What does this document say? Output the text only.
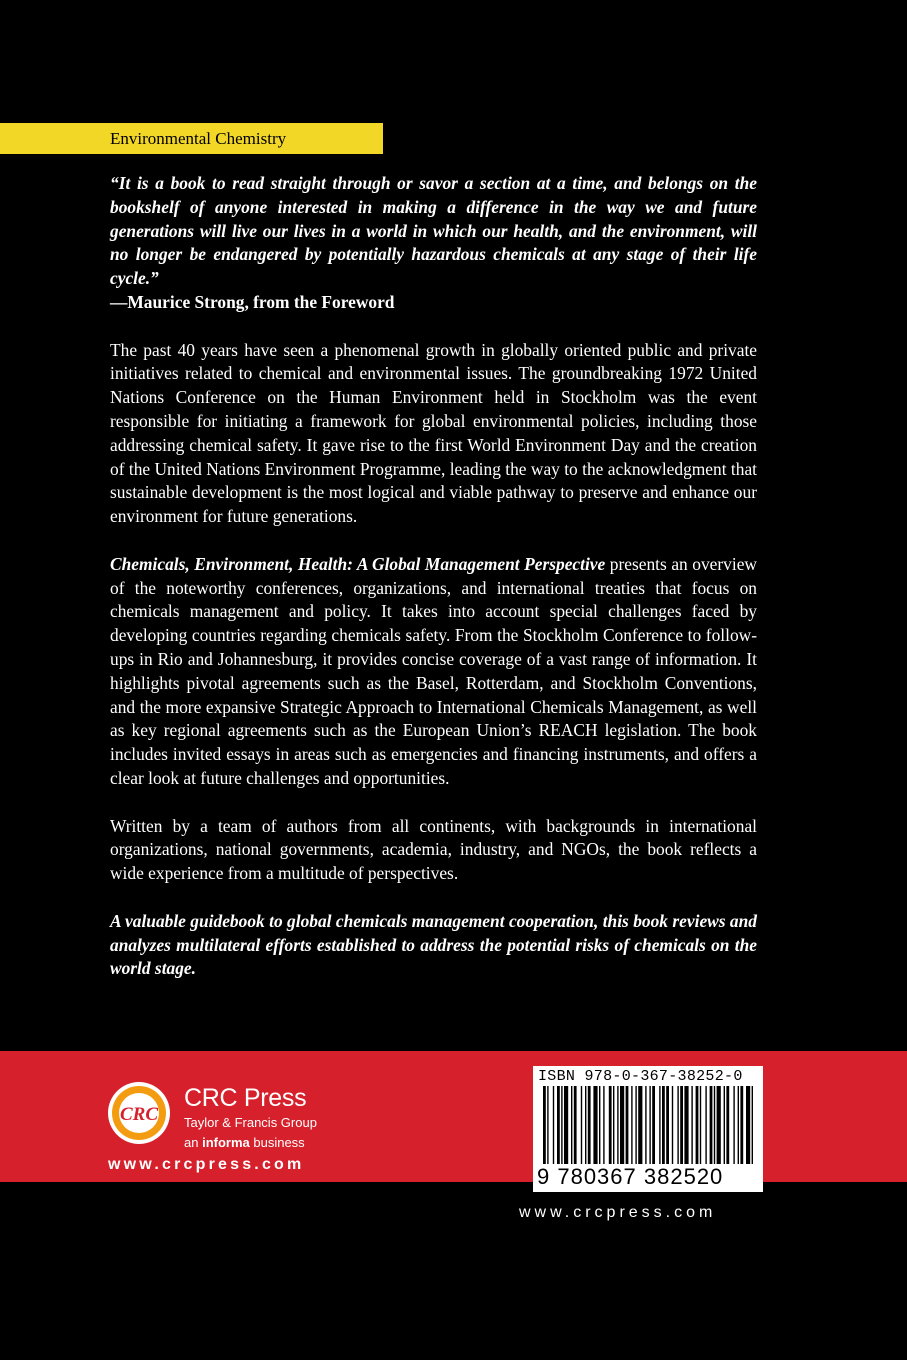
Environmental Chemistry

“It is a book to read straight through or savor a section at a time, and belongs on the bookshelf of anyone interested in making a difference in the way we and future generations will live our lives in a world in which our health, and the environment, will no longer be endangered by potentially hazardous chemicals at any stage of their life cycle.”

—Maurice Strong, from the Foreword

The past 40 years have seen a phenomenal growth in globally oriented public and private initiatives related to chemical and environmental issues. The groundbreaking 1972 United Nations Conference on the Human Environment held in Stockholm was the event responsible for initiating a framework for global environmental policies, including those addressing chemical safety. It gave rise to the first World Environment Day and the creation of the United Nations Environment Programme, leading the way to the acknowledgment that sustainable development is the most logical and viable pathway to preserve and enhance our environment for future generations.

Chemicals, Environment, Health: A Global Management Perspective presents an overview of the noteworthy conferences, organizations, and international treaties that focus on chemicals management and policy. It takes into account special challenges faced by developing countries regarding chemicals safety. From the Stockholm Conference to follow-ups in Rio and Johannesburg, it provides concise coverage of a vast range of information. It highlights pivotal agreements such as the Basel, Rotterdam, and Stockholm Conventions, and the more expansive Strategic Approach to International Chemicals Management, as well as key regional agreements such as the European Union’s REACH legislation. The book includes invited essays in areas such as emergencies and financing instruments, and offers a clear look at future challenges and opportunities.

Written by a team of authors from all continents, with backgrounds in international organizations, national governments, academia, industry, and NGOs, the book reflects a wide experience from a multitude of perspectives.

A valuable guidebook to global chemicals management cooperation, this book reviews and analyzes multilateral efforts established to address the potential risks of chemicals on the world stage.

CRC
CRC Press
Taylor & Francis Group
an informa business
www.crcpress.com
ISBN 978-0-367-38252-0
9 780367 382520
www.crcpress.com
